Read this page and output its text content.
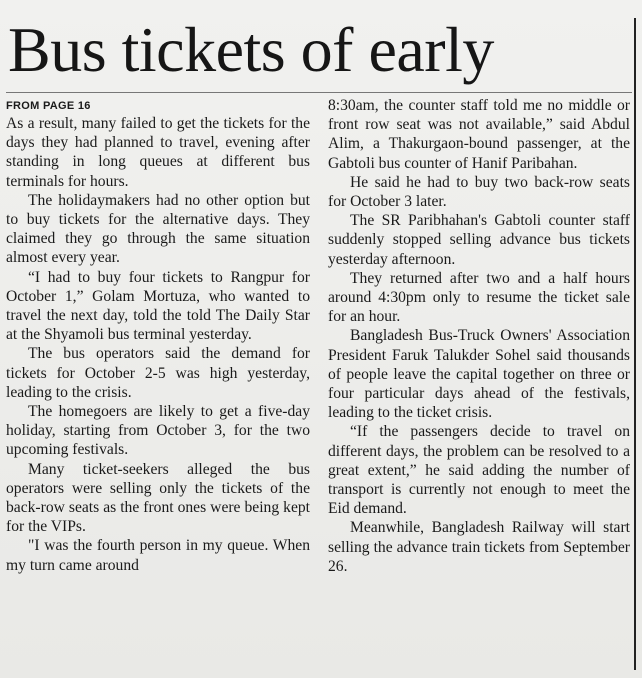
Bus tickets of early
FROM PAGE 16

As a result, many failed to get the tickets for the days they had planned to travel, evening after standing in long queues at different bus terminals for hours.

The holidaymakers had no other option but to buy tickets for the alternative days. They claimed they go through the same situation almost every year.

“I had to buy four tickets to Rangpur for October 1,” Golam Mortuza, who wanted to travel the next day, told the told The Daily Star at the Shyamoli bus terminal yesterday.

The bus operators said the demand for tickets for October 2-5 was high yesterday, leading to the crisis.

The homegoers are likely to get a five-day holiday, starting from October 3, for the two upcoming festivals.

Many ticket-seekers alleged the bus operators were selling only the tickets of the back-row seats as the front ones were being kept for the VIPs.

"I was the fourth person in my queue. When my turn came around

8:30am, the counter staff told me no middle or front row seat was not available,” said Abdul Alim, a Thakurgaon-bound passenger, at the Gabtoli bus counter of Hanif Paribahan.

He said he had to buy two back-row seats for October 3 later.

The SR Paribhahan's Gabtoli counter staff suddenly stopped selling advance bus tickets yesterday afternoon.

They returned after two and a half hours around 4:30pm only to resume the ticket sale for an hour.

Bangladesh Bus-Truck Owners' Association President Faruk Talukder Sohel said thousands of people leave the capital together on three or four particular days ahead of the festivals, leading to the ticket crisis.

“If the passengers decide to travel on different days, the problem can be resolved to a great extent,” he said adding the number of transport is currently not enough to meet the Eid demand.

Meanwhile, Bangladesh Railway will start selling the advance train tickets from September 26.
